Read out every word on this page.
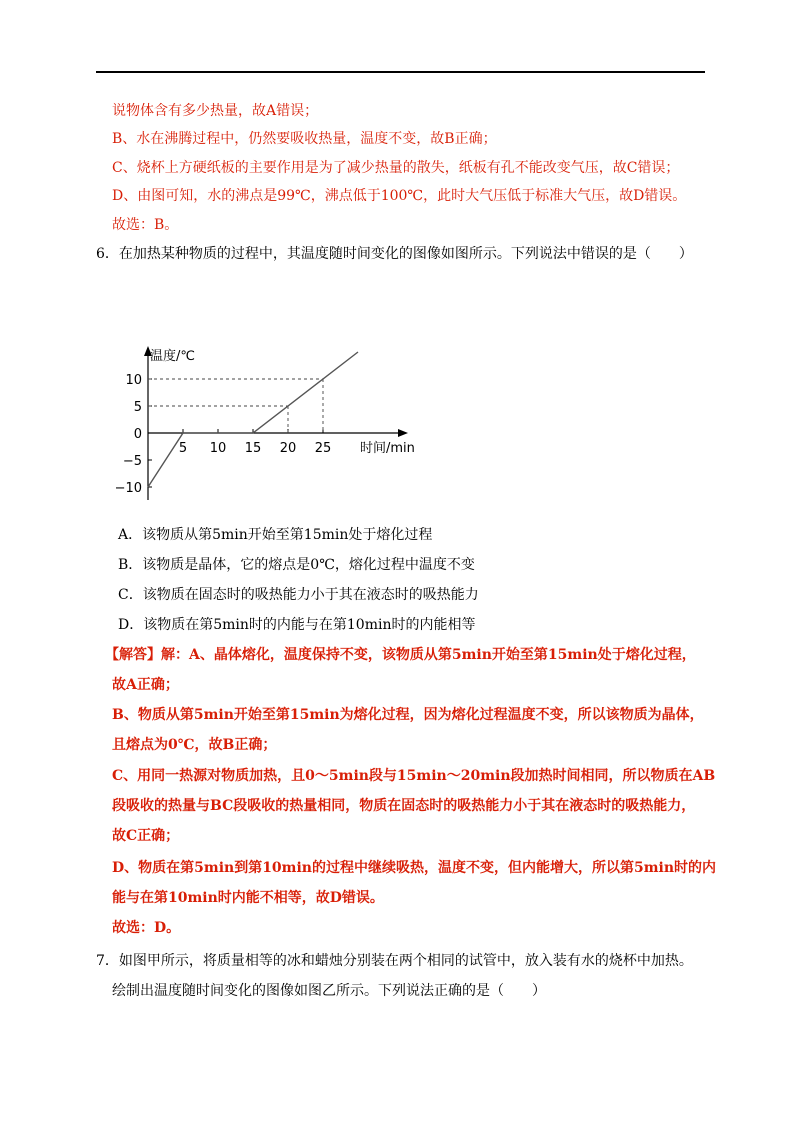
说物体含有多少热量，故A错误；
B、水在沸腾过程中，仍然要吸收热量，温度不变，故B正确；
C、烧杯上方硬纸板的主要作用是为了减少热量的散失，纸板有孔不能改变气压，故C错误；
D、由图可知，水的沸点是99℃，沸点低于100℃，此时大气压低于标准大气压，故D错误。
故选：B。
6．在加热某种物质的过程中，其温度随时间变化的图像如图所示。下列说法中错误的是（　　）
温度/℃
时间/min
5 10 15 20 25
10
5
0
−5
−10
A．该物质从第5min开始至第15min处于熔化过程
B．该物质是晶体，它的熔点是0℃，熔化过程中温度不变
C．该物质在固态时的吸热能力小于其在液态时的吸热能力
D．该物质在第5min时的内能与在第10min时的内能相等
【解答】解：A、晶体熔化，温度保持不变，该物质从第5min开始至第15min处于熔化过程，
故A正确；
B、物质从第5min开始至第15min为熔化过程，因为熔化过程温度不变，所以该物质为晶体，
且熔点为0℃，故B正确；
C、用同一热源对物质加热，且0～5min段与15min～20min段加热时间相同，所以物质在AB
段吸收的热量与BC段吸收的热量相同，物质在固态时的吸热能力小于其在液态时的吸热能力，
故C正确；
D、物质在第5min到第10min的过程中继续吸热，温度不变，但内能增大，所以第5min时的内
能与在第10min时内能不相等，故D错误。
故选：D。
7．如图甲所示，将质量相等的冰和蜡烛分别装在两个相同的试管中，放入装有水的烧杯中加热。
绘制出温度随时间变化的图像如图乙所示。下列说法正确的是（　　）
